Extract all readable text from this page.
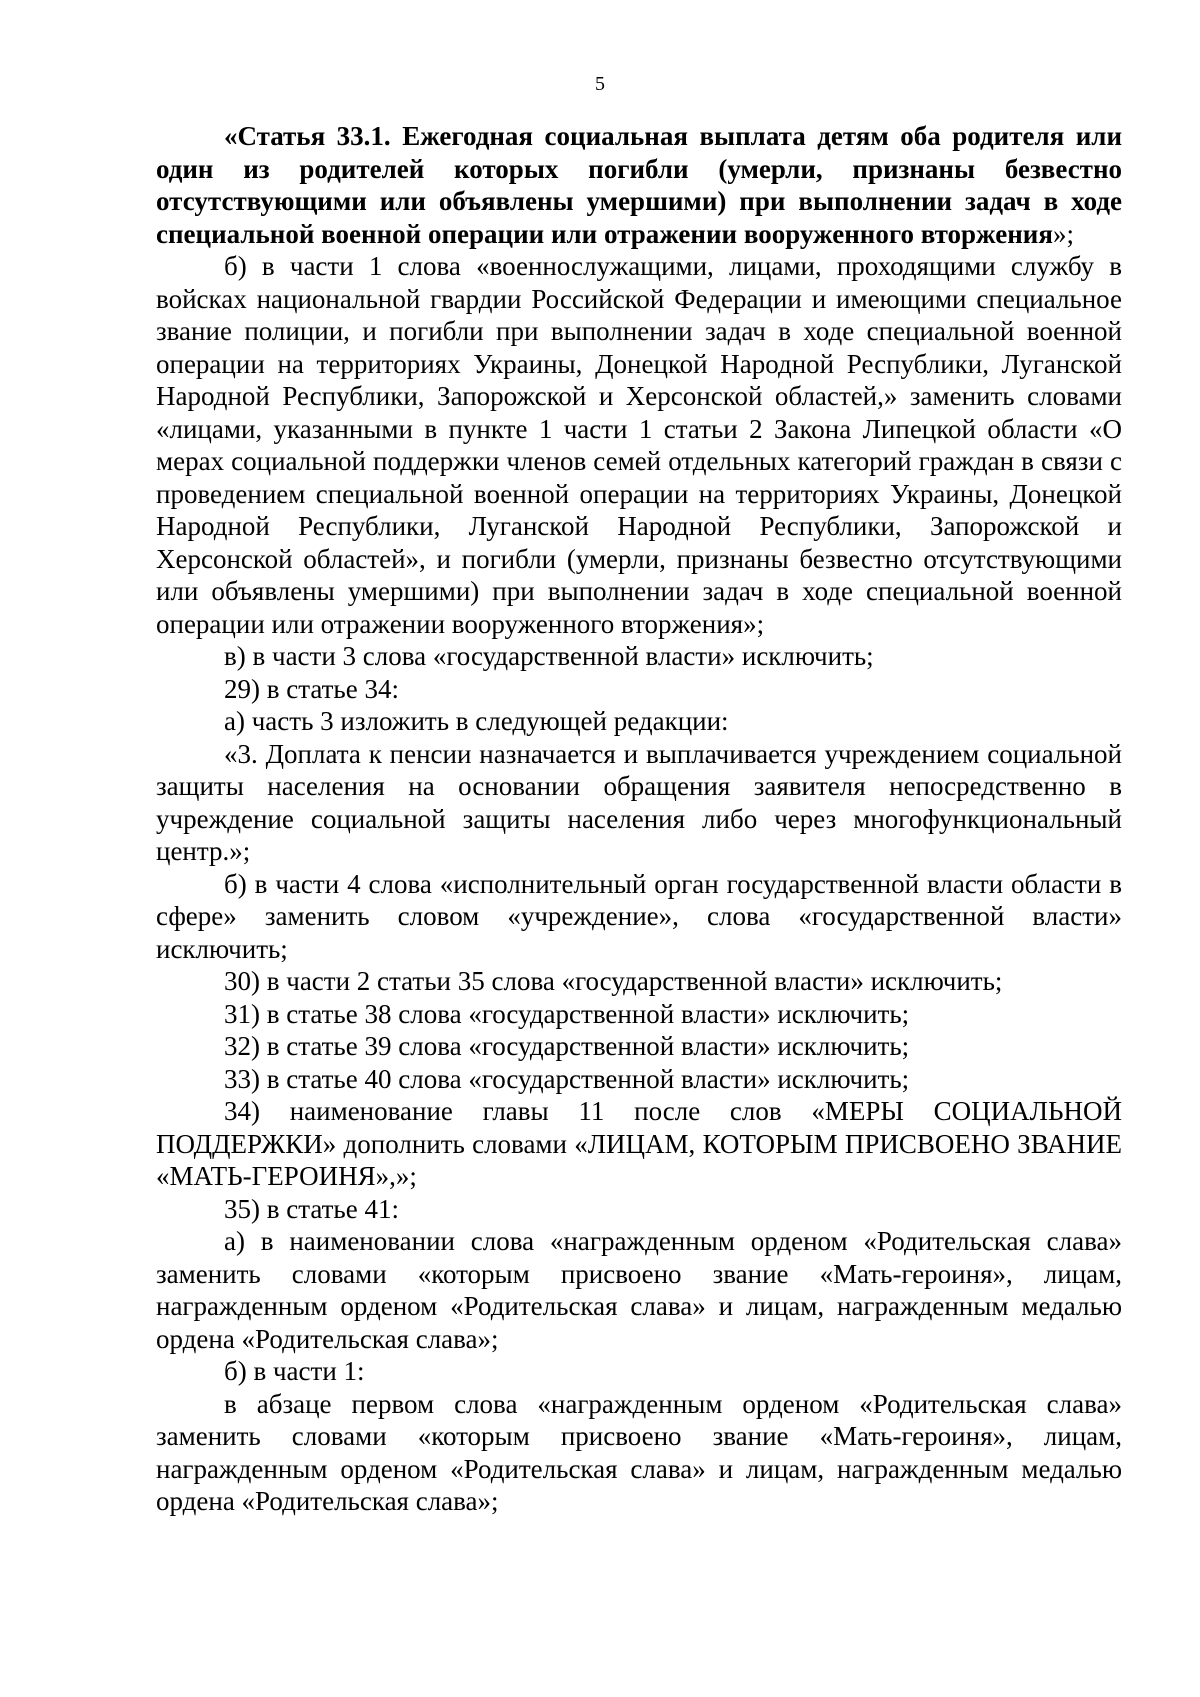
5

«Статья 33.1. Ежегодная социальная выплата детям оба родителя или один из родителей которых погибли (умерли, признаны безвестно отсутствующими или объявлены умершими) при выполнении задач в ходе специальной военной операции или отражении вооруженного вторжения»;

б) в части 1 слова «военнослужащими, лицами, проходящими службу в войсках национальной гвардии Российской Федерации и имеющими специальное звание полиции, и погибли при выполнении задач в ходе специальной военной операции на территориях Украины, Донецкой Народной Республики, Луганской Народной Республики, Запорожской и Херсонской областей,» заменить словами «лицами, указанными в пункте 1 части 1 статьи 2 Закона Липецкой области «О мерах социальной поддержки членов семей отдельных категорий граждан в связи с проведением специальной военной операции на территориях Украины, Донецкой Народной Республики, Луганской Народной Республики, Запорожской и Херсонской областей», и погибли (умерли, признаны безвестно отсутствующими или объявлены умершими) при выполнении задач в ходе специальной военной операции или отражении вооруженного вторжения»;

в) в части 3 слова «государственной власти» исключить;

29) в статье 34:

а) часть 3 изложить в следующей редакции:

«3. Доплата к пенсии назначается и выплачивается учреждением социальной защиты населения на основании обращения заявителя непосредственно в учреждение социальной защиты населения либо через многофункциональный центр.»;

б) в части 4 слова «исполнительный орган государственной власти области в сфере» заменить словом «учреждение», слова «государственной власти» исключить;

30) в части 2 статьи 35 слова «государственной власти» исключить;

31) в статье 38 слова «государственной власти» исключить;

32) в статье 39 слова «государственной власти» исключить;

33) в статье 40 слова «государственной власти» исключить;

34) наименование главы 11 после слов «МЕРЫ СОЦИАЛЬНОЙ ПОДДЕРЖКИ» дополнить словами «ЛИЦАМ, КОТОРЫМ ПРИСВОЕНО ЗВАНИЕ «МАТЬ-ГЕРОИНЯ»,»;

35) в статье 41:

а) в наименовании слова «награжденным орденом «Родительская слава» заменить словами «которым присвоено звание «Мать-героиня», лицам, награжденным орденом «Родительская слава» и лицам, награжденным медалью ордена «Родительская слава»;

б) в части 1:

в абзаце первом слова «награжденным орденом «Родительская слава» заменить словами «которым присвоено звание «Мать-героиня», лицам, награжденным орденом «Родительская слава» и лицам, награжденным медалью ордена «Родительская слава»;
